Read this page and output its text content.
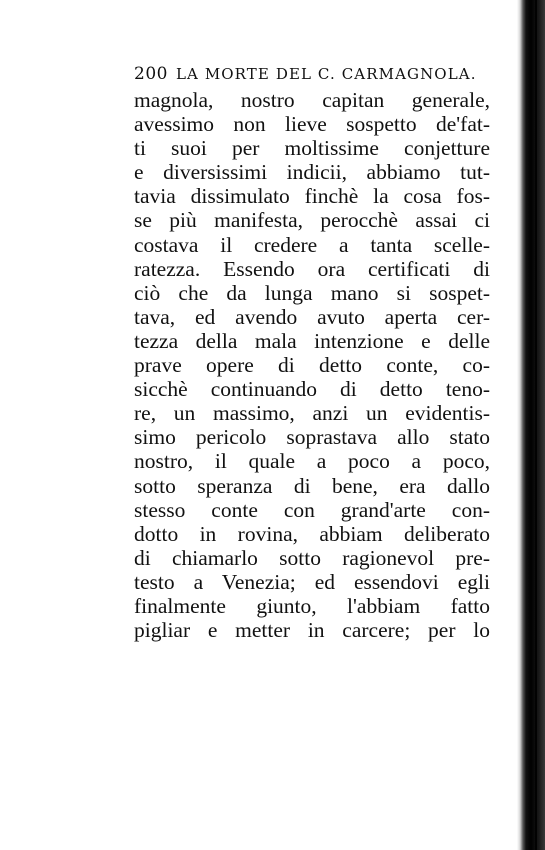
200 LA MORTE DEL C. CARMAGNOLA.
magnola, nostro capitan generale,
avessimo non lieve sospetto de'fat-
ti suoi per moltissime conjetture
e diversissimi indicii, abbiamo tut-
tavia dissimulato finchè la cosa fos-
se più manifesta, perocchè assai ci
costava il credere a tanta scelle-
ratezza. Essendo ora certificati di
ciò che da lunga mano si sospet-
tava, ed avendo avuto aperta cer-
tezza della mala intenzione e delle
prave opere di detto conte, co-
sicchè continuando di detto teno-
re, un massimo, anzi un evidentis-
simo pericolo soprastava allo stato
nostro, il quale a poco a poco,
sotto speranza di bene, era dallo
stesso conte con grand'arte con-
dotto in rovina, abbiam deliberato
di chiamarlo sotto ragionevol pre-
testo a Venezia; ed essendovi egli
finalmente giunto, l'abbiam fatto
pigliar e metter in carcere; per lo
